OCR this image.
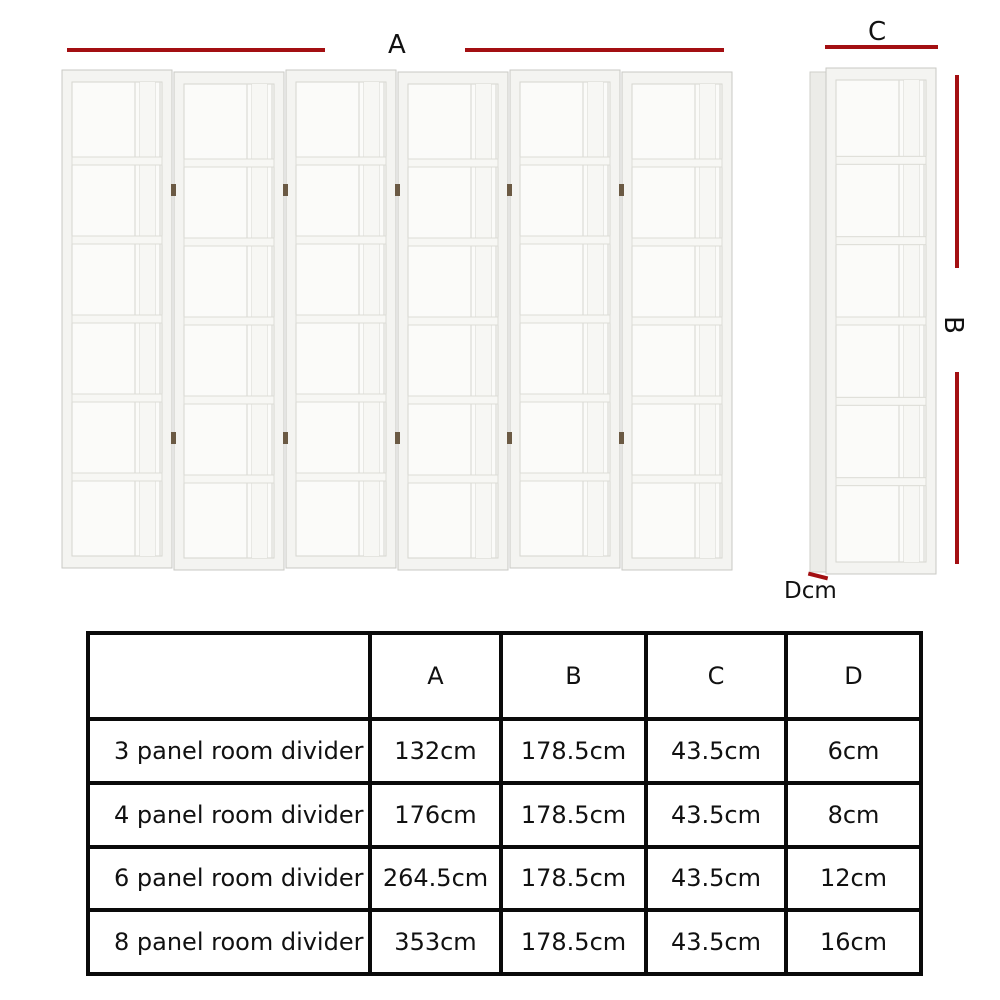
A	C
B
Dcm
	A	B	C	D
3 panel room divider	132cm	178.5cm	43.5cm	6cm
4 panel room divider	176cm	178.5cm	43.5cm	8cm
6 panel room divider	264.5cm	178.5cm	43.5cm	12cm
8 panel room divider	353cm	178.5cm	43.5cm	16cm
